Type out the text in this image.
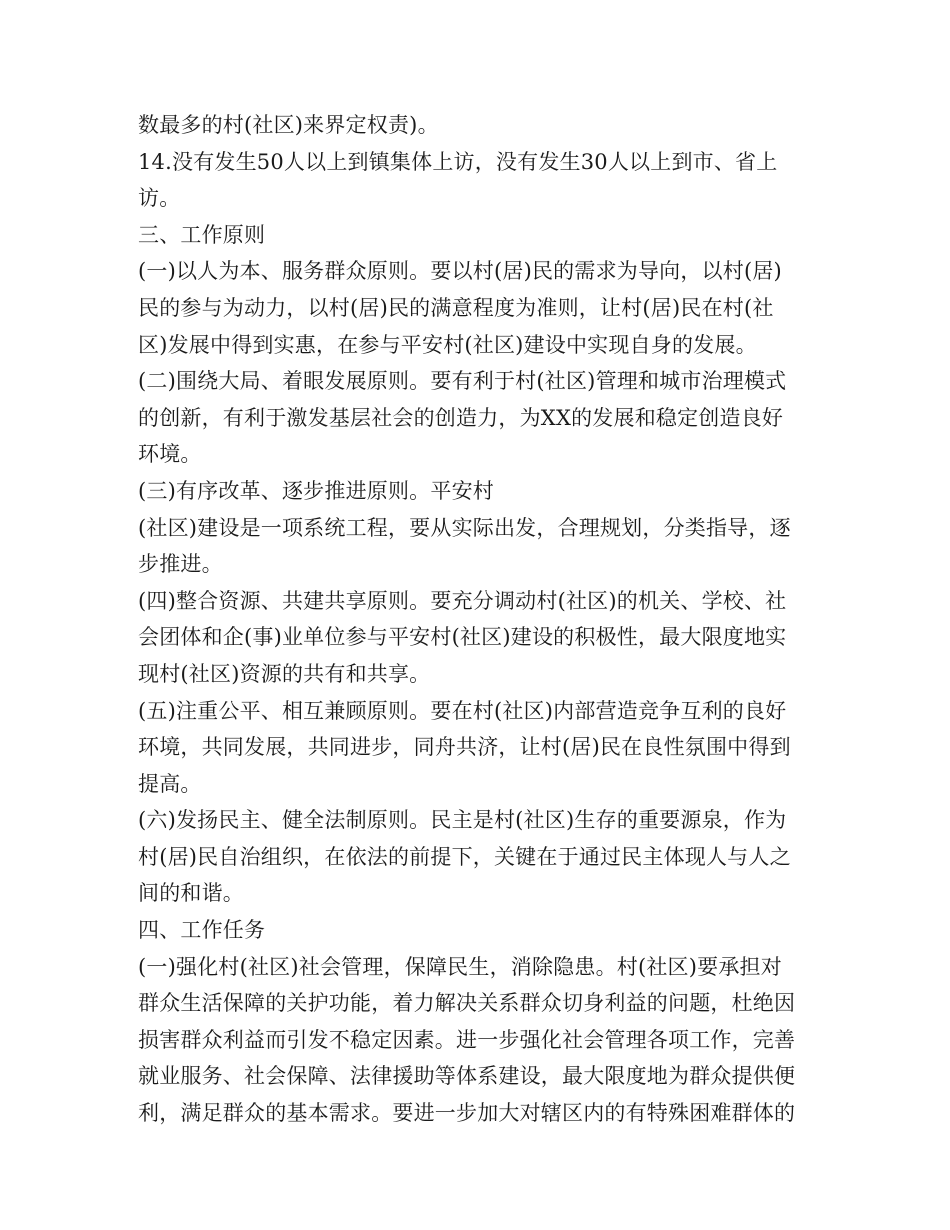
数最多的村(社区)来界定权责)。
14.没有发生50人以上到镇集体上访，没有发生30人以上到市、省上
访。
三、工作原则
(一)以人为本、服务群众原则。要以村(居)民的需求为导向，以村(居)
民的参与为动力，以村(居)民的满意程度为准则，让村(居)民在村(社
区)发展中得到实惠，在参与平安村(社区)建设中实现自身的发展。
(二)围绕大局、着眼发展原则。要有利于村(社区)管理和城市治理模式
的创新，有利于激发基层社会的创造力，为XX的发展和稳定创造良好
环境。
(三)有序改革、逐步推进原则。平安村
(社区)建设是一项系统工程，要从实际出发，合理规划，分类指导，逐
步推进。
(四)整合资源、共建共享原则。要充分调动村(社区)的机关、学校、社
会团体和企(事)业单位参与平安村(社区)建设的积极性，最大限度地实
现村(社区)资源的共有和共享。
(五)注重公平、相互兼顾原则。要在村(社区)内部营造竞争互利的良好
环境，共同发展，共同进步，同舟共济，让村(居)民在良性氛围中得到
提高。
(六)发扬民主、健全法制原则。民主是村(社区)生存的重要源泉，作为
村(居)民自治组织，在依法的前提下，关键在于通过民主体现人与人之
间的和谐。
四、工作任务
(一)强化村(社区)社会管理，保障民生，消除隐患。村(社区)要承担对
群众生活保障的关护功能，着力解决关系群众切身利益的问题，杜绝因
损害群众利益而引发不稳定因素。进一步强化社会管理各项工作，完善
就业服务、社会保障、法律援助等体系建设，最大限度地为群众提供便
利，满足群众的基本需求。要进一步加大对辖区内的有特殊困难群体的
